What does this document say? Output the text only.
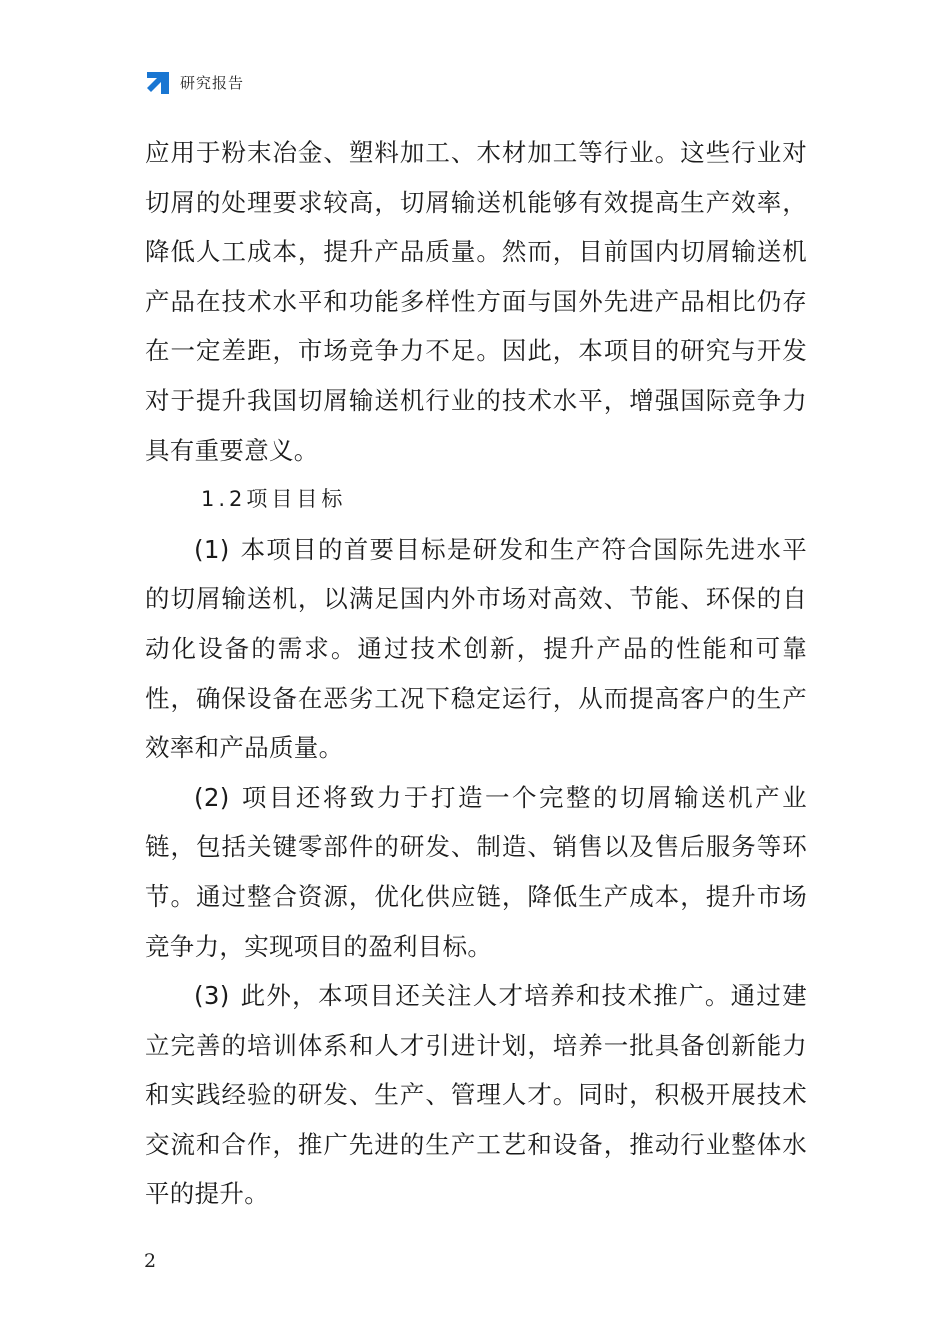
研究报告

应用于粉末冶金、塑料加工、木材加工等行业。这些行业对切屑的处理要求较高，切屑输送机能够有效提高生产效率，降低人工成本，提升产品质量。然而，目前国内切屑输送机产品在技术水平和功能多样性方面与国外先进产品相比仍存在一定差距，市场竞争力不足。因此，本项目的研究与开发对于提升我国切屑输送机行业的技术水平，增强国际竞争力具有重要意义。

1.2项目目标

(1) 本项目的首要目标是研发和生产符合国际先进水平的切屑输送机，以满足国内外市场对高效、节能、环保的自动化设备的需求。通过技术创新，提升产品的性能和可靠性，确保设备在恶劣工况下稳定运行，从而提高客户的生产效率和产品质量。

(2) 项目还将致力于打造一个完整的切屑输送机产业链，包括关键零部件的研发、制造、销售以及售后服务等环节。通过整合资源，优化供应链，降低生产成本，提升市场竞争力，实现项目的盈利目标。

(3) 此外，本项目还关注人才培养和技术推广。通过建立完善的培训体系和人才引进计划，培养一批具备创新能力和实践经验的研发、生产、管理人才。同时，积极开展技术交流和合作，推广先进的生产工艺和设备，推动行业整体水平的提升。

2
